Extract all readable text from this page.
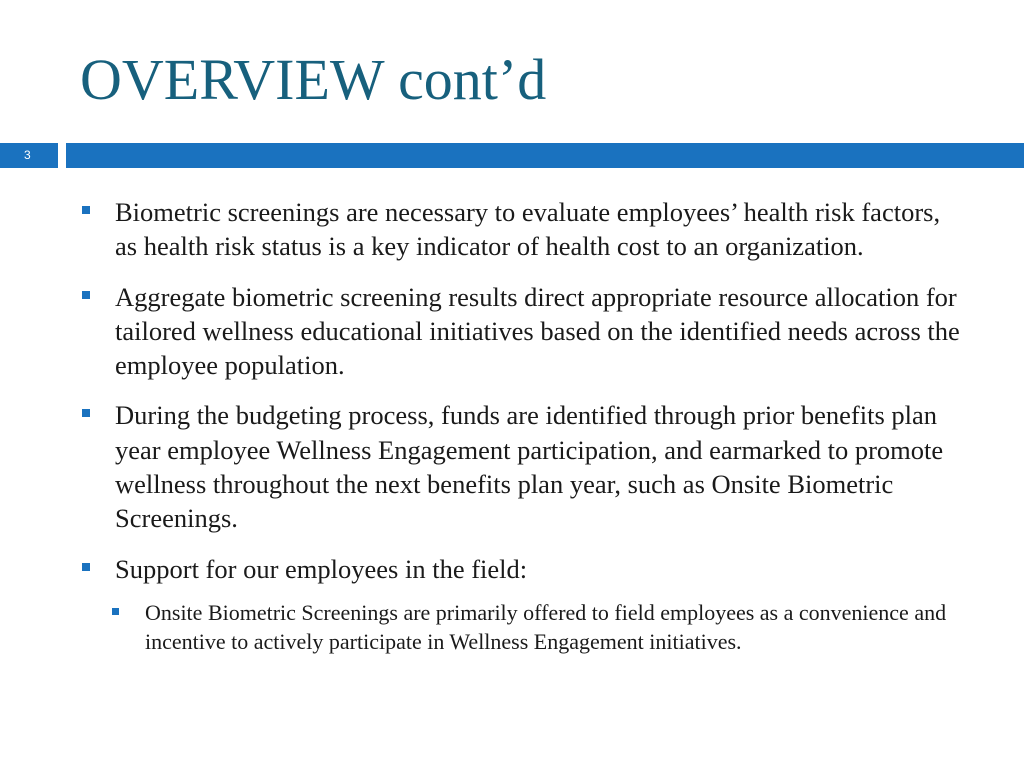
OVERVIEW cont’d
3
Biometric screenings are necessary to evaluate employees’ health risk factors, as health risk status is a key indicator of health cost to an organization.
Aggregate biometric screening results direct appropriate resource allocation for tailored wellness educational initiatives based on the identified needs across the employee population.
During the budgeting process, funds are identified through prior benefits plan year employee Wellness Engagement participation, and earmarked to promote wellness throughout the next benefits plan year, such as Onsite Biometric Screenings.
Support for our employees in the field:
Onsite Biometric Screenings are primarily offered to field employees as a convenience and incentive to actively participate in Wellness Engagement initiatives.
